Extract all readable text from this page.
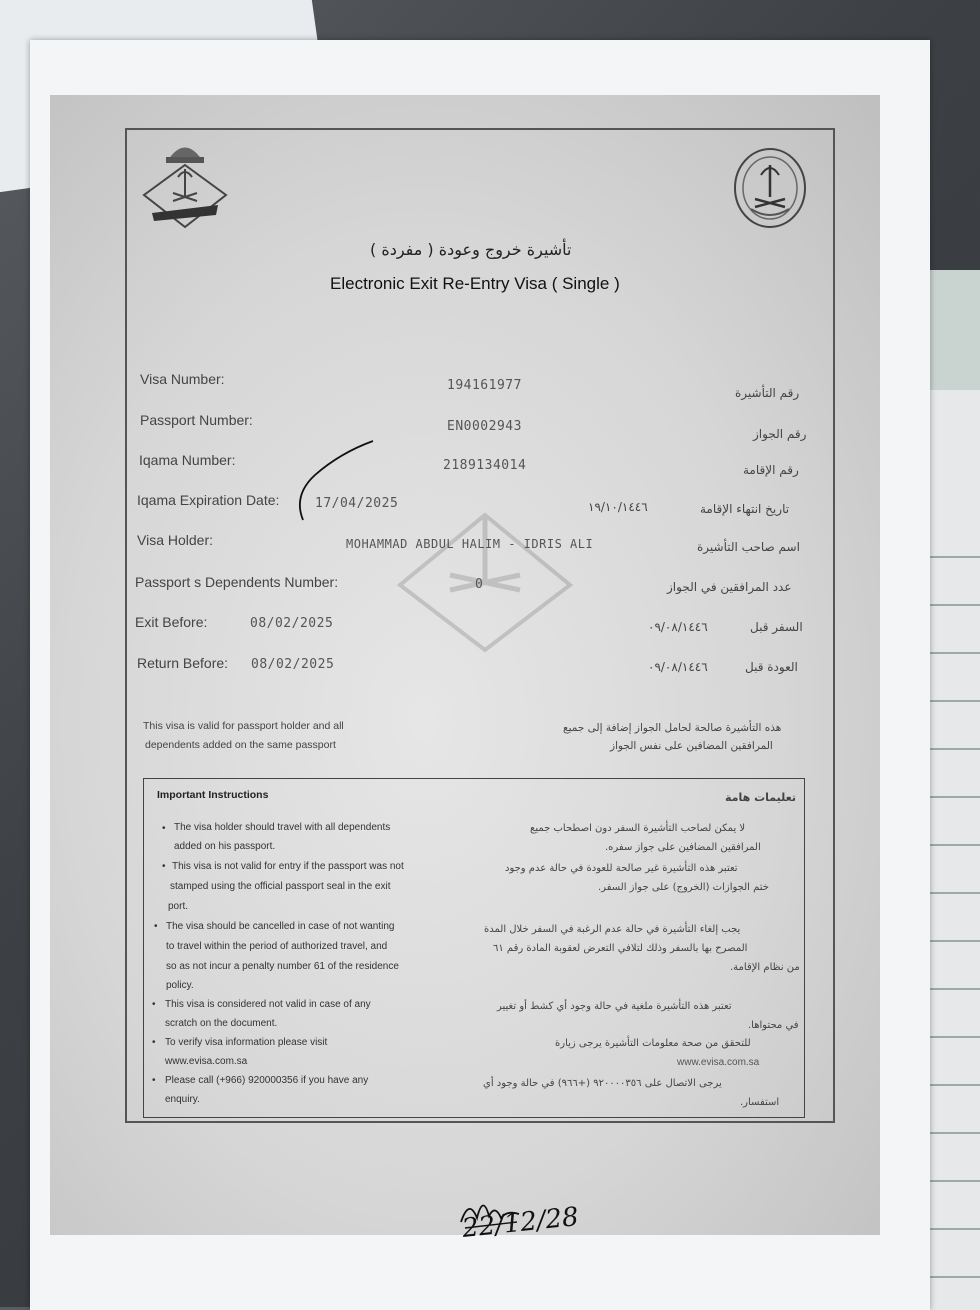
تأشيرة خروج وعودة ( مفردة )
Electronic Exit Re-Entry Visa ( Single )
Visa Number:	194161977	رقم التأشيرة
Passport Number:	EN0002943	رقم الجواز
Iqama Number:	2189134014	رقم الإقامة
Iqama Expiration Date:	17/04/2025	١٩/١٠/١٤٤٦	تاريخ انتهاء الإقامة
Visa Holder:	MOHAMMAD ABDUL HALIM - IDRIS ALI	اسم صاحب التأشيرة
Passport s Dependents Number:	0	عدد المرافقين في الجواز
Exit Before:	08/02/2025	٠٩/٠٨/١٤٤٦	السفر قبل
Return Before: 08/02/2025	٠٩/٠٨/١٤٤٦	العودة قبل
This visa is valid for passport holder and all
dependents added on the same passport
هذه التأشيرة صالحة لحامل الجواز إضافة إلى جميع
المرافقين المضافين على نفس الجواز
Important Instructions	تعليمات هامة
• The visa holder should travel with all dependents
added on his passport.
• This visa is not valid for entry if the passport was not
stamped using the official passport seal in the exit
port.
• The visa should be cancelled in case of not wanting
to travel within the period of authorized travel, and
so as not incur a penalty number 61 of the residence
policy.
• This visa is considered not valid in case of any
scratch on the document.
• To verify visa information please visit
www.evisa.com.sa
• Please call (+966) 920000356 if you have any
enquiry.
لا يمكن لصاحب التأشيرة السفر دون اصطحاب جميع
المرافقين المضافين على جواز سفره.
تعتبر هذه التأشيرة غير صالحة للعودة في حالة عدم وجود
ختم الجوازات (الخروج) على جواز السفر.
يجب إلغاء التأشيرة في حالة عدم الرغبة في السفر خلال المدة
المصرح بها بالسفر وذلك لتلافي التعرض لعقوبة المادة رقم ٦١
من نظام الإقامة.
تعتبر هذه التأشيرة ملغية في حالة وجود أي كشط أو تغيير
في محتواها.
للتحقق من صحة معلومات التأشيرة يرجى زيارة
www.evisa.com.sa
يرجى الاتصال على ٩٢٠٠٠٠٣٥٦ (+٩٦٦) في حالة وجود أي
استفسار.
22/12/28
